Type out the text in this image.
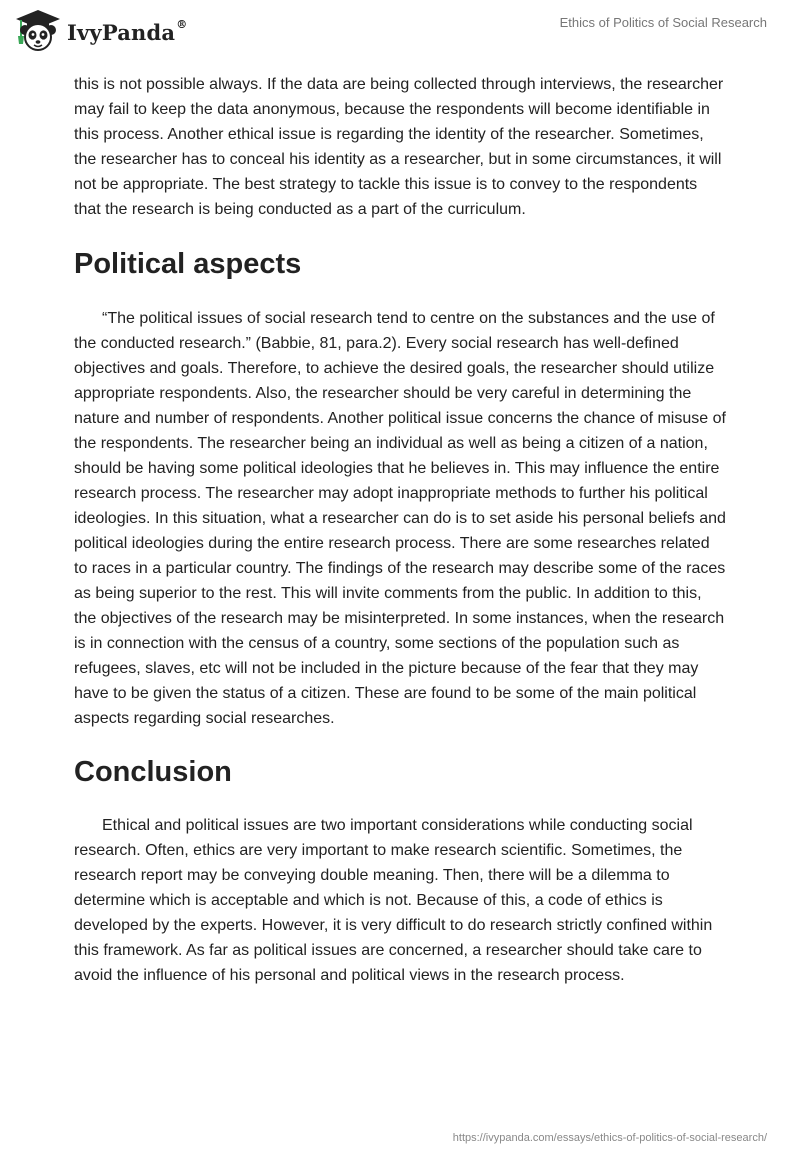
IvyPanda®	Ethics of Politics of Social Research

this is not possible always. If the data are being collected through interviews, the researcher may fail to keep the data anonymous, because the respondents will become identifiable in this process. Another ethical issue is regarding the identity of the researcher. Sometimes, the researcher has to conceal his identity as a researcher, but in some circumstances, it will not be appropriate. The best strategy to tackle this issue is to convey to the respondents that the research is being conducted as a part of the curriculum.

Political aspects

“The political issues of social research tend to centre on the substances and the use of the conducted research.” (Babbie, 81, para.2). Every social research has well-defined objectives and goals. Therefore, to achieve the desired goals, the researcher should utilize appropriate respondents. Also, the researcher should be very careful in determining the nature and number of respondents. Another political issue concerns the chance of misuse of the respondents. The researcher being an individual as well as being a citizen of a nation, should be having some political ideologies that he believes in. This may influence the entire research process. The researcher may adopt inappropriate methods to further his political ideologies. In this situation, what a researcher can do is to set aside his personal beliefs and political ideologies during the entire research process. There are some researches related to races in a particular country. The findings of the research may describe some of the races as being superior to the rest. This will invite comments from the public. In addition to this, the objectives of the research may be misinterpreted. In some instances, when the research is in connection with the census of a country, some sections of the population such as refugees, slaves, etc will not be included in the picture because of the fear that they may have to be given the status of a citizen. These are found to be some of the main political aspects regarding social researches.

Conclusion

Ethical and political issues are two important considerations while conducting social research. Often, ethics are very important to make research scientific. Sometimes, the research report may be conveying double meaning. Then, there will be a dilemma to determine which is acceptable and which is not. Because of this, a code of ethics is developed by the experts. However, it is very difficult to do research strictly confined within this framework. As far as political issues are concerned, a researcher should take care to avoid the influence of his personal and political views in the research process.

https://ivypanda.com/essays/ethics-of-politics-of-social-research/
